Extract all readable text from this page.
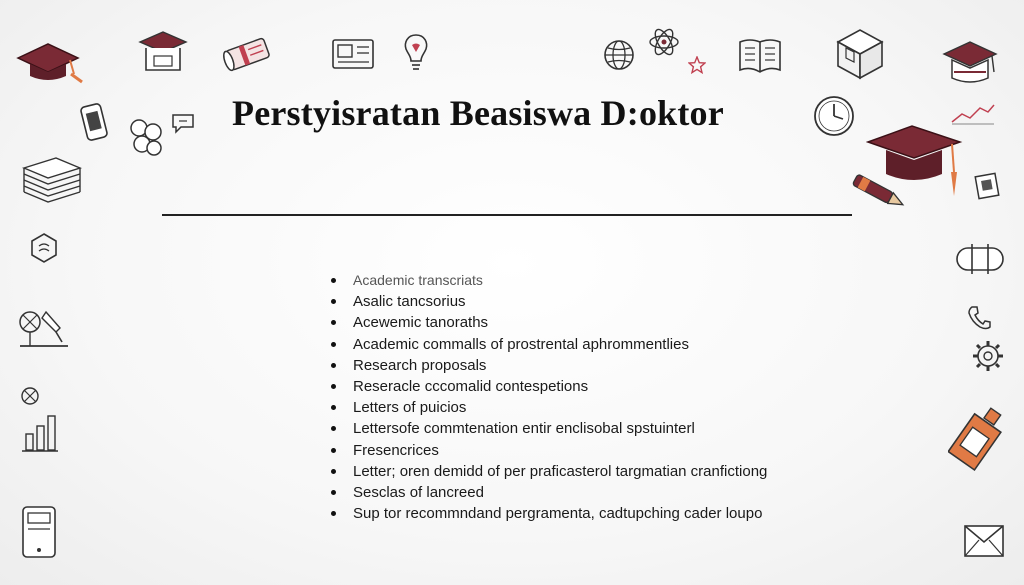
Perstyisratan Beasiswa D:oktor
Academic transcriats
Asalic tancsorius
Acewemic tanoraths
Academic commalls of prostrental aphrommentlies
Research proposals
Reseracle cccomalid contespetions
Letters of puicios
Lettersofe commtenation entir enclisobal spstuinterl
Fresencrices
Letter; oren demidd of per praficasterol targmatian cranfictiong
Sesclas of lancreed
Sup tor recommndand pergramenta, cadtupching cader loupo
